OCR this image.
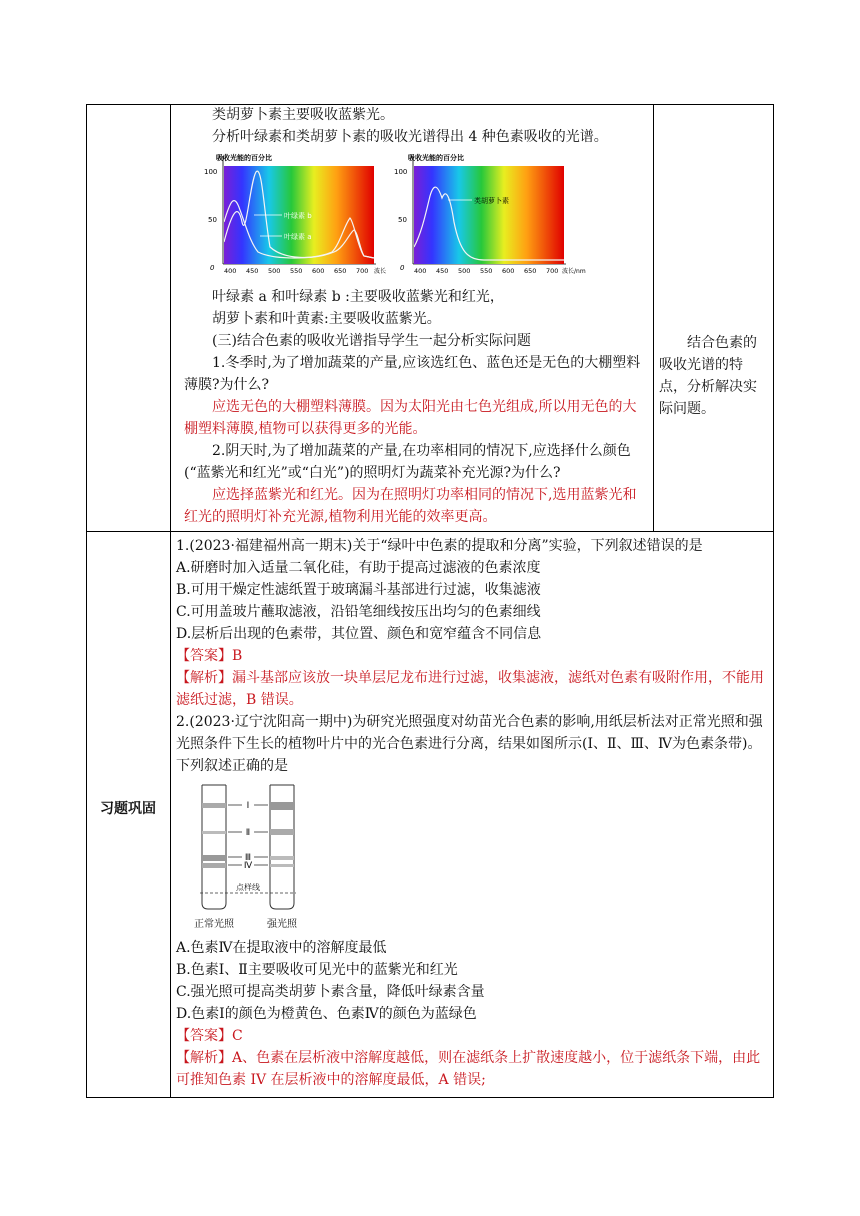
类胡萝卜素主要吸收蓝紫光。

分析叶绿素和类胡萝卜素的吸收光谱得出 4 种色素吸收的光谱。

吸收光能的百分比
100
50
0
叶绿素 b
叶绿素 a
400 450 500 550 600 650 700 波长
吸收光能的百分比
100
50
0
类胡萝卜素
400 450 500 550 600 650 700 波长/nm

叶绿素 a 和叶绿素 b :主要吸收蓝紫光和红光，

胡萝卜素和叶黄素:主要吸收蓝紫光。

(三)结合色素的吸收光谱指导学生一起分析实际问题

1.冬季时,为了增加蔬菜的产量,应该选红色、蓝色还是无色的大棚塑料薄膜?为什么?

应选无色的大棚塑料薄膜。因为太阳光由七色光组成,所以用无色的大棚塑料薄膜,植物可以获得更多的光能。

2.阴天时,为了增加蔬菜的产量,在功率相同的情况下,应选择什么颜色(“蓝紫光和红光”或“白光”)的照明灯为蔬菜补充光源?为什么?

应选择蓝紫光和红光。因为在照明灯功率相同的情况下,选用蓝紫光和红光的照明灯补充光源,植物利用光能的效率更高。

结合色素的吸收光谱的特点，分析解决实际问题。
习题巩固

1.(2023·福建福州高一期末)关于“绿叶中色素的提取和分离”实验，下列叙述错误的是

A.研磨时加入适量二氧化硅，有助于提高过滤液的色素浓度

B.可用干燥定性滤纸置于玻璃漏斗基部进行过滤，收集滤液

C.可用盖玻片蘸取滤液，沿铅笔细线按压出均匀的色素细线

D.层析后出现的色素带，其位置、颜色和宽窄蕴含不同信息

【答案】B

【解析】漏斗基部应该放一块单层尼龙布进行过滤，收集滤液，滤纸对色素有吸附作用，不能用滤纸过滤，B 错误。

2.(2023·辽宁沈阳高一期中)为研究光照强度对幼苗光合色素的影响,用纸层析法对正常光照和强光照条件下生长的植物叶片中的光合色素进行分离，结果如图所示(Ⅰ、Ⅱ、Ⅲ、Ⅳ为色素条带)。下列叙述正确的是

Ⅰ
Ⅱ
Ⅲ
Ⅳ
点样线
正常光照	强光照

A.色素Ⅳ在提取液中的溶解度最低

B.色素Ⅰ、Ⅱ主要吸收可见光中的蓝紫光和红光

C.强光照可提高类胡萝卜素含量，降低叶绿素含量

D.色素Ⅰ的颜色为橙黄色、色素Ⅳ的颜色为蓝绿色

【答案】C

【解析】A、色素在层析液中溶解度越低，则在滤纸条上扩散速度越小，位于滤纸条下端，由此可推知色素 IV 在层析液中的溶解度最低，A 错误;
